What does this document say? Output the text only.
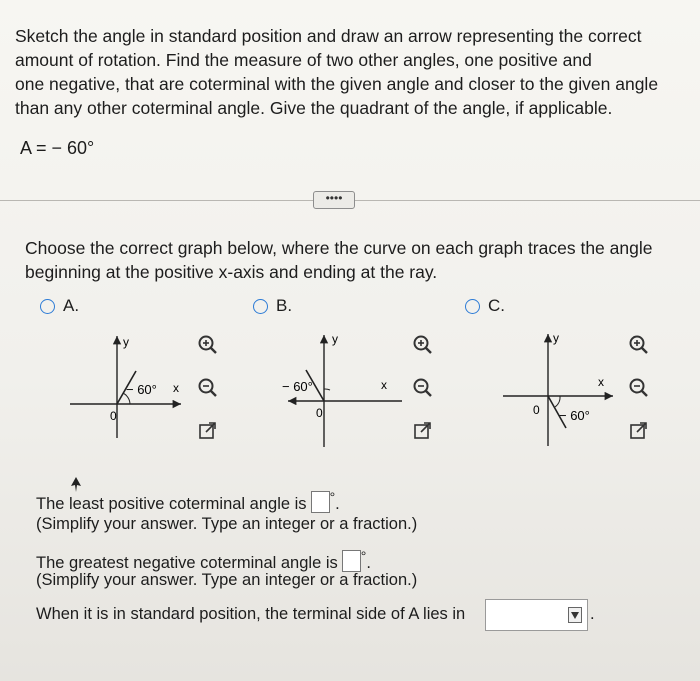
Sketch the angle in standard position and draw an arrow representing the correct

amount of rotation. Find the measure of two other angles, one positive and

one negative, that are coterminal with the given angle and closer to the given angle

than any other coterminal angle. Give the quadrant of the angle, if applicable.

A = − 60°
••••
Choose the correct graph below, where the curve on each graph traces the angle
beginning at the positive x-axis and ending at the ray.
A.
y
x
0
− 60°
B.
y
x
0
− 60°
C.
y
x
0 − 60°
The least positive coterminal angle is °.
(Simplify your answer. Type an integer or a fraction.)
The greatest negative coterminal angle is °.
(Simplify your answer. Type an integer or a fraction.)
When it is in standard position, the terminal side of A lies in	.
